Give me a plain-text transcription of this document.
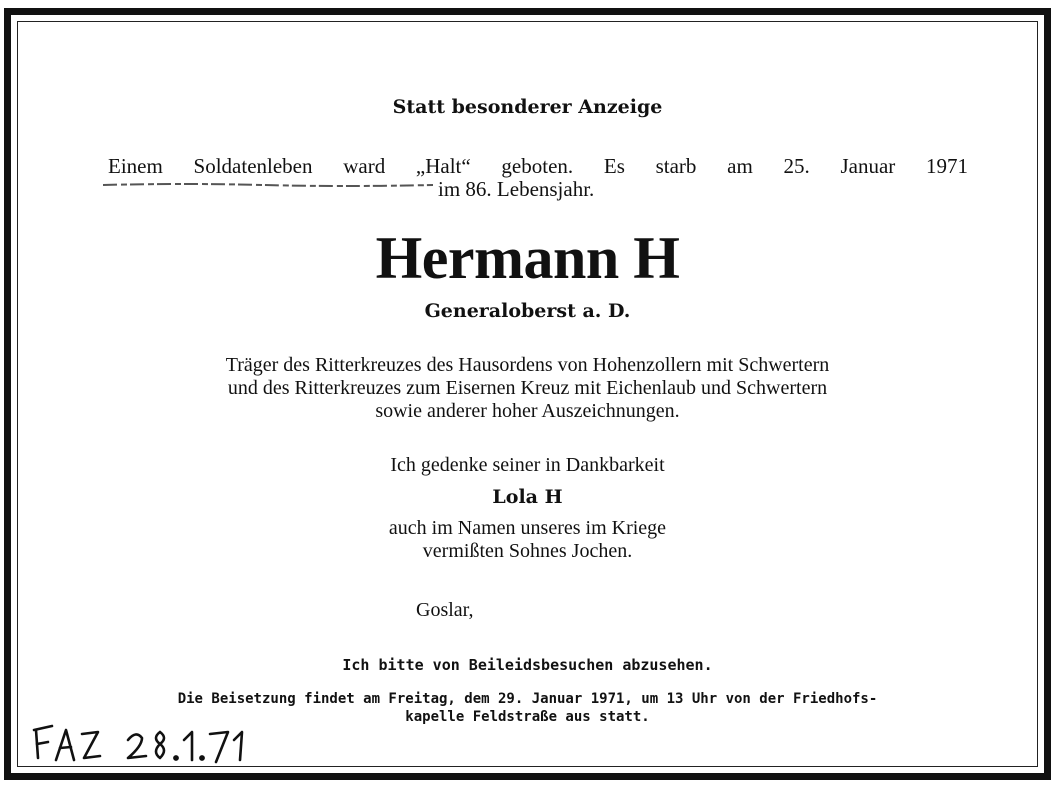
Statt besonderer Anzeige
Einem Soldatenleben ward „Halt“ geboten. Es starb am 25. Januar 1971
im 86. Lebensjahr.
Hermann H
Generaloberst a. D.
Träger des Ritterkreuzes des Hausordens von Hohenzollern mit Schwertern
und des Ritterkreuzes zum Eisernen Kreuz mit Eichenlaub und Schwertern
sowie anderer hoher Auszeichnungen.
Ich gedenke seiner in Dankbarkeit
Lola H
auch im Namen unseres im Kriege
vermißten Sohnes Jochen.
Goslar,
Ich bitte von Beileidsbesuchen abzusehen.
Die Beisetzung findet am Freitag, dem 29. Januar 1971, um 13 Uhr von der Friedhofs-
kapelle Feldstraße aus statt.
